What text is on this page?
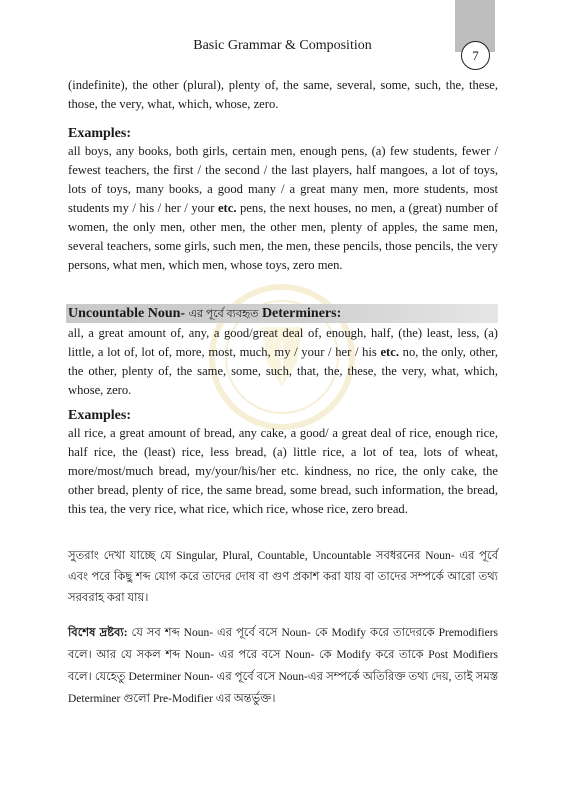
Basic Grammar & Composition
7
(indefinite), the other (plural), plenty of, the same, several, some, such, the, these, those, the very, what, which, whose, zero.
Examples:
all boys, any books, both girls, certain men, enough pens, (a) few students, fewer / fewest teachers, the first / the second / the last players, half mangoes, a lot of toys, lots of toys, many books, a good many / a great many men, more students, most students my / his / her / your etc. pens, the next houses, no men, a (great) number of women, the only men, other men, the other men, plenty of apples, the same men, several teachers, some girls, such men, the men, these pencils, those pencils, the very persons, what men, which men, whose toys, zero men.
Uncountable Noun- এর পূর্বে ব্যবহৃত Determiners:
all, a great amount of, any, a good/great deal of, enough, half, (the) least, less, (a) little, a lot of, lot of, more, most, much, my / your / her / his etc. no, the only, other, the other, plenty of, the same, some, such, that, the, these, the very, what, which, whose, zero.
Examples:
all rice, a great amount of bread, any cake, a good/ a great deal of rice, enough rice, half rice, the (least) rice, less bread, (a) little rice, a lot of tea, lots of wheat, more/most/much bread, my/your/his/her etc. kindness, no rice, the only cake, the other bread, plenty of rice, the same bread, some bread, such information, the bread, this tea, the very rice, what rice, which rice, whose rice, zero bread.
সুতরাং দেখা যাচ্ছে যে Singular, Plural, Countable, Uncountable সবধরনের Noun- এর পূর্বে এবং পরে কিছু শব্দ যোগ করে তাদের দোষ বা গুণ প্রকাশ করা যায় বা তাদের সম্পর্কে আরো তথ্য সরবরাহ করা যায়।
বিশেষ দ্রষ্টব্য: যে সব শব্দ Noun- এর পূর্বে বসে Noun- কে Modify করে তাদেরকে Premodifiers বলে। আর যে সকল শব্দ Noun- এর পরে বসে Noun- কে Modify করে তাকে Post Modifiers বলে। যেহেতু Determiner Noun- এর পূর্বে বসে Noun-এর সম্পর্কে অতিরিক্ত তথ্য দেয়, তাই সমস্ত Determiner গুলো Pre-Modifier এর অন্তর্ভুক্ত।
